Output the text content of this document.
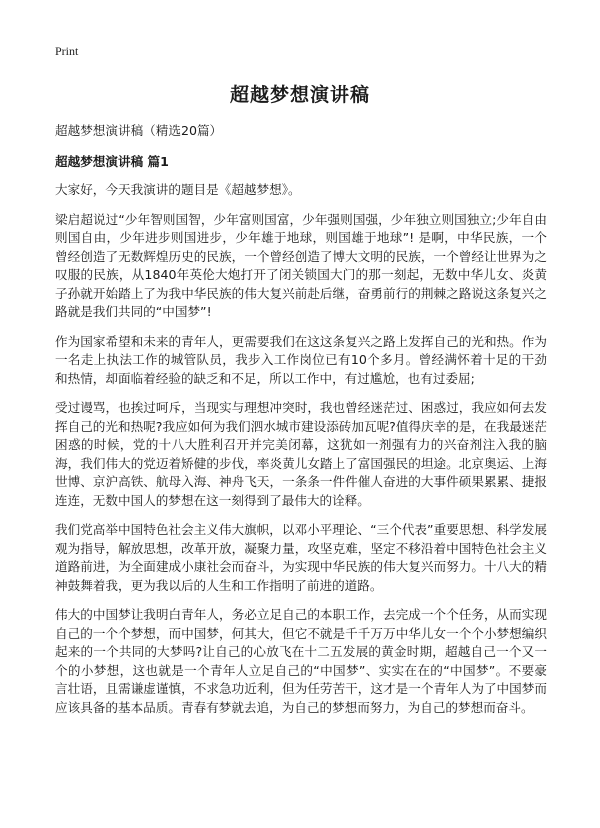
Print
超越梦想演讲稿

超越梦想演讲稿（精选20篇）

超越梦想演讲稿 篇1

大家好，今天我演讲的题目是《超越梦想》。

梁启超说过“少年智则国智，少年富则国富，少年强则国强，少年独立则国独立;少年自由则国自由，少年进步则国进步，少年雄于地球，则国雄于地球”! 是啊，中华民族，一个曾经创造了无数辉煌历史的民族，一个曾经创造了博大文明的民族，一个曾经让世界为之叹服的民族，从1840年英伦大炮打开了闭关锁国大门的那一刻起，无数中华儿女、炎黄子孙就开始踏上了为我中华民族的伟大复兴前赴后继，奋勇前行的荆棘之路说这条复兴之路就是我们共同的“中国梦”!

作为国家希望和未来的青年人，更需要我们在这这条复兴之路上发挥自己的光和热。作为一名走上执法工作的城管队员，我步入工作岗位已有10个多月。曾经满怀着十足的干劲和热情，却面临着经验的缺乏和不足，所以工作中，有过尴尬，也有过委屈;

受过谩骂，也挨过呵斥，当现实与理想冲突时，我也曾经迷茫过、困惑过，我应如何去发挥自己的光和热呢?我应如何为我们泗水城市建设添砖加瓦呢?值得庆幸的是，在我最迷茫困惑的时候，党的十八大胜利召开并完美闭幕，这犹如一剂强有力的兴奋剂注入我的脑海，我们伟大的党迈着矫健的步伐，率炎黄儿女踏上了富国强民的坦途。北京奥运、上海世博、京沪高铁、航母入海、神舟飞天，一条条一件件催人奋进的大事件硕果累累、捷报连连，无数中国人的梦想在这一刻得到了最伟大的诠释。

我们党高举中国特色社会主义伟大旗帜，以邓小平理论、“三个代表”重要思想、科学发展观为指导，解放思想，改革开放，凝聚力量，攻坚克难，坚定不移沿着中国特色社会主义道路前进，为全面建成小康社会而奋斗，为实现中华民族的伟大复兴而努力。十八大的精神鼓舞着我，更为我以后的人生和工作指明了前进的道路。

伟大的中国梦让我明白青年人，务必立足自己的本职工作，去完成一个个任务，从而实现自己的一个个梦想，而中国梦，何其大，但它不就是千千万万中华儿女一个个小梦想编织起来的一个共同的大梦吗?让自己的心放飞在十二五发展的黄金时期，超越自己一个又一个的小梦想，这也就是一个青年人立足自己的“中国梦”、实实在在的“中国梦”。不要豪言壮语，且需谦虚谨慎，不求急功近利，但为任劳苦干，这才是一个青年人为了中国梦而应该具备的基本品质。青春有梦就去追，为自己的梦想而努力，为自己的梦想而奋斗。
